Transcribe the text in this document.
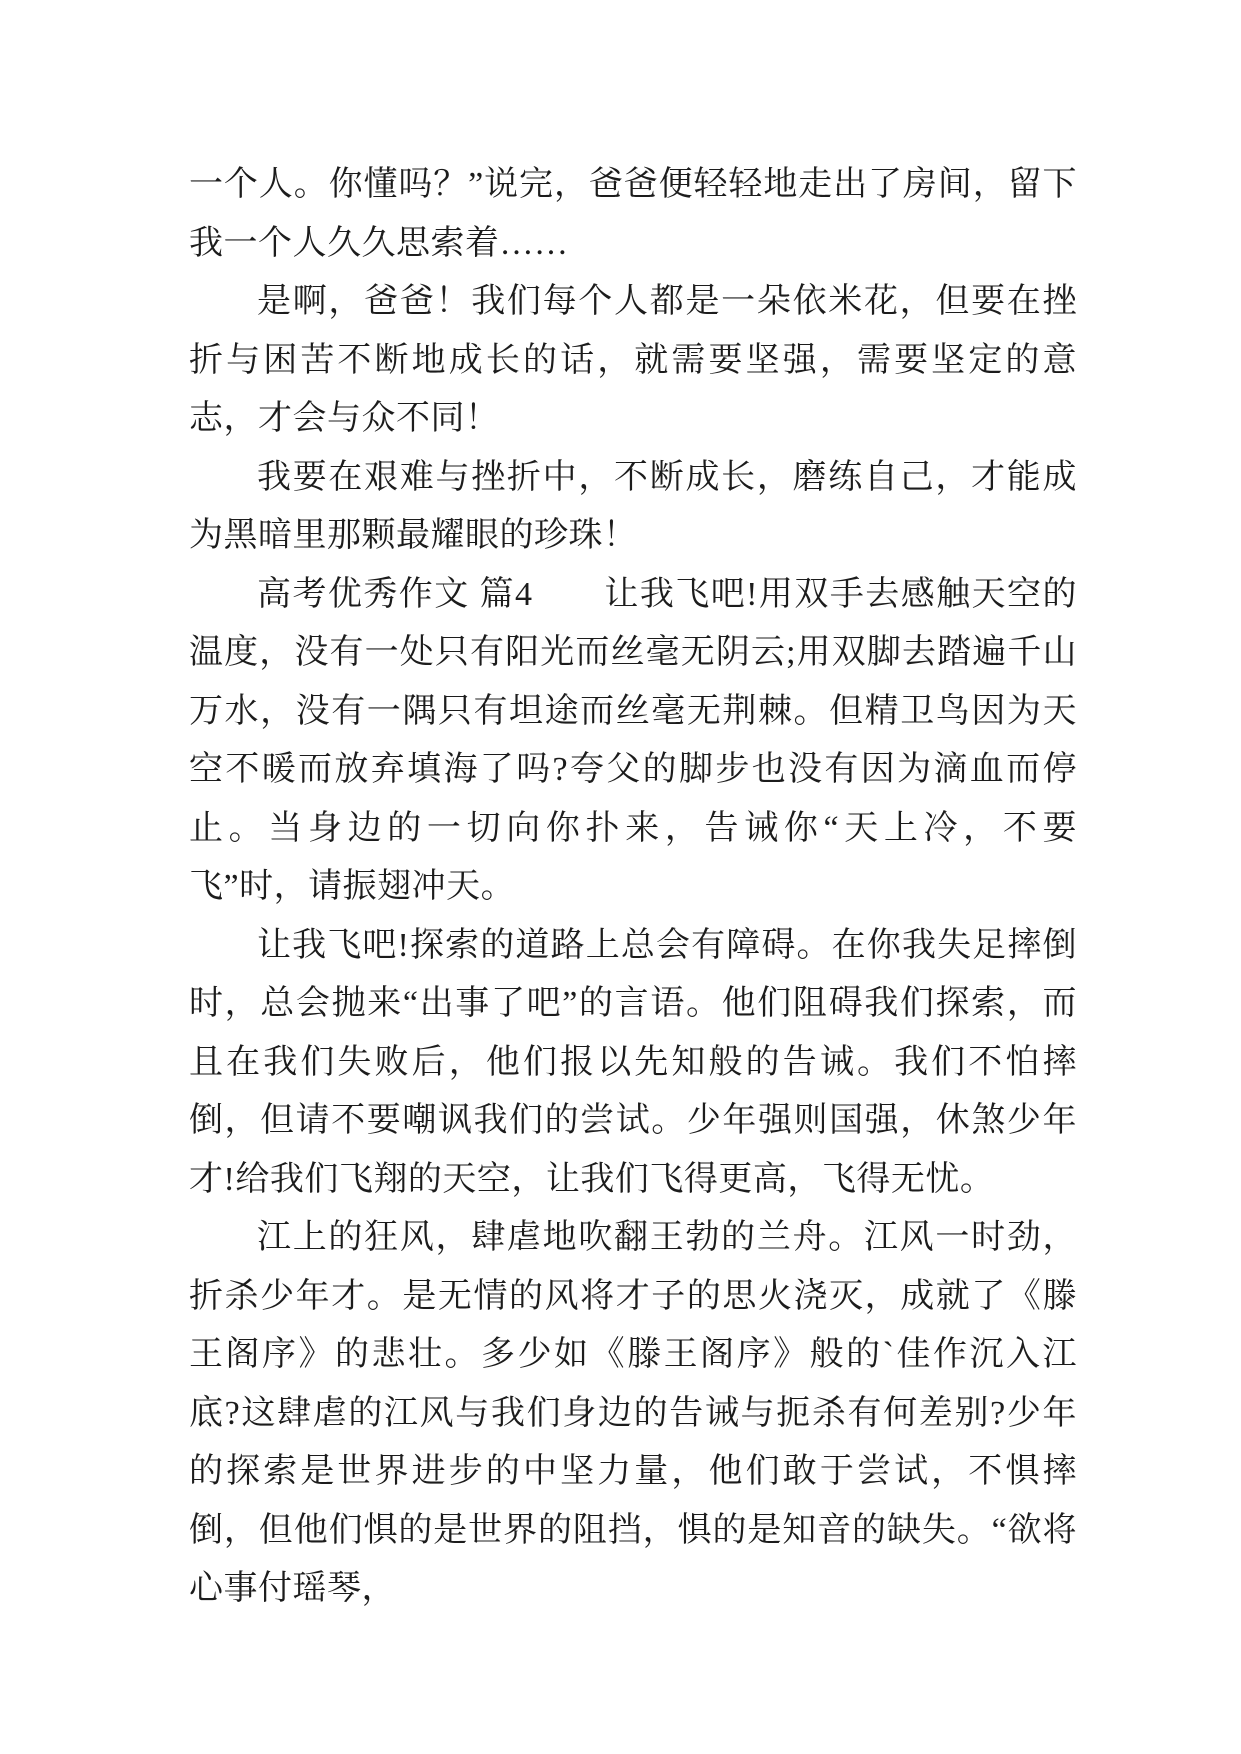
一个人。你懂吗？”说完，爸爸便轻轻地走出了房间，留下我一个人久久思索着……

是啊，爸爸！我们每个人都是一朵依米花，但要在挫折与困苦不断地成长的话，就需要坚强，需要坚定的意志，才会与众不同！

我要在艰难与挫折中，不断成长，磨练自己，才能成为黑暗里那颗最耀眼的珍珠！

高考优秀作文 篇4　　让我飞吧!用双手去感触天空的温度，没有一处只有阳光而丝毫无阴云;用双脚去踏遍千山万水，没有一隅只有坦途而丝毫无荆棘。但精卫鸟因为天空不暖而放弃填海了吗?夸父的脚步也没有因为滴血而停止。当身边的一切向你扑来，告诫你“天上冷，不要飞”时，请振翅冲天。

让我飞吧!探索的道路上总会有障碍。在你我失足摔倒时，总会抛来“出事了吧”的言语。他们阻碍我们探索，而且在我们失败后，他们报以先知般的告诫。我们不怕摔倒，但请不要嘲讽我们的尝试。少年强则国强，休煞少年才!给我们飞翔的天空，让我们飞得更高，飞得无忧。

江上的狂风，肆虐地吹翻王勃的兰舟。江风一时劲，折杀少年才。是无情的风将才子的思火浇灭，成就了《滕王阁序》的悲壮。多少如《滕王阁序》般的`佳作沉入江底?这肆虐的江风与我们身边的告诫与扼杀有何差别?少年的探索是世界进步的中坚力量，他们敢于尝试，不惧摔倒，但他们惧的是世界的阻挡，惧的是知音的缺失。“欲将心事付瑶琴，
